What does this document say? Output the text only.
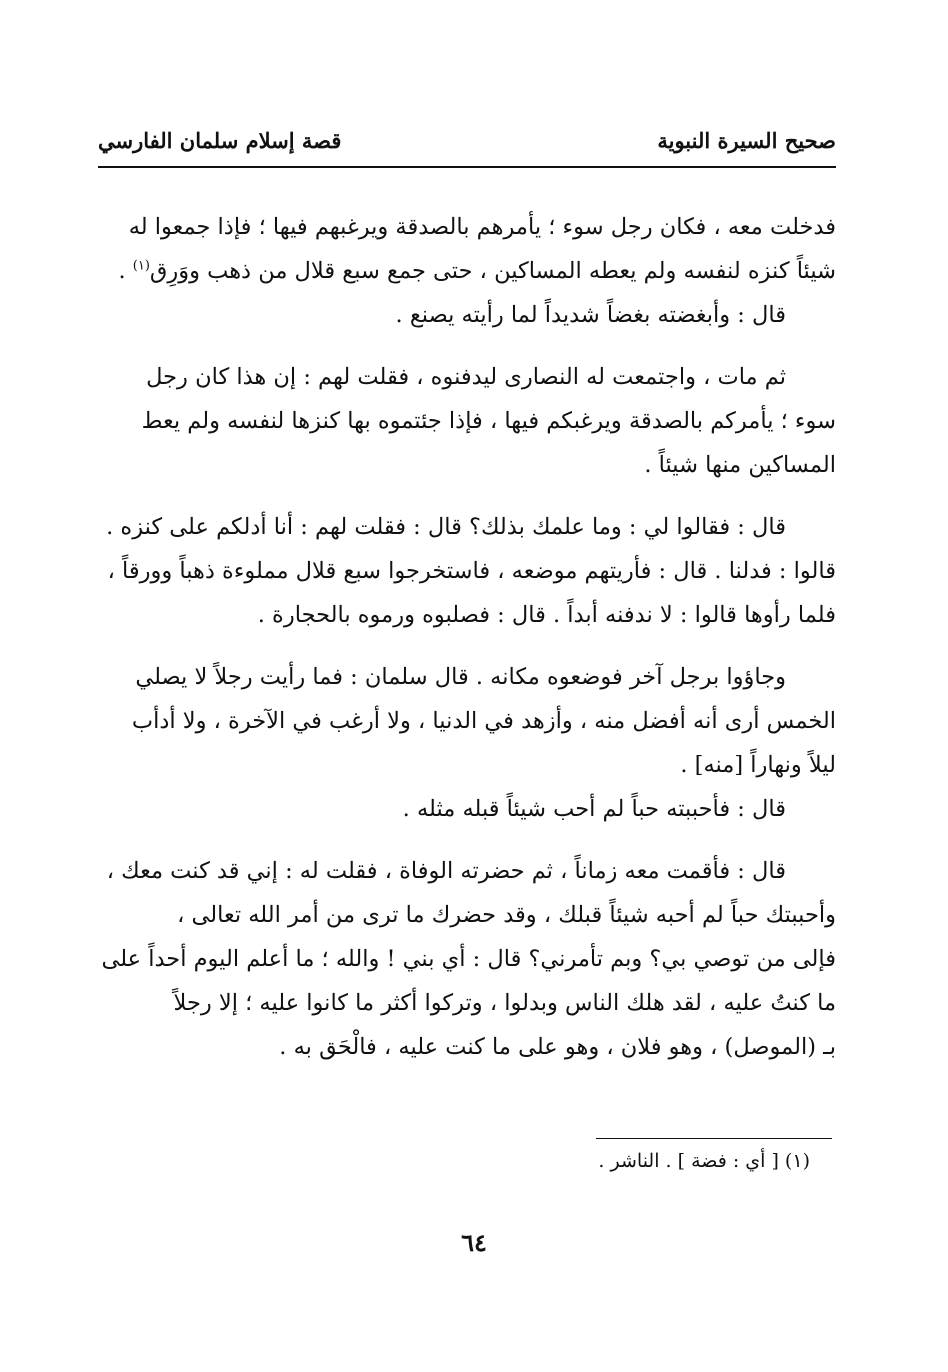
صحيح السيرة النبوية
قصة إسلام سلمان الفارسي
فدخلت معه ، فكان رجل سوء ؛ يأمرهم بالصدقة ويرغبهم فيها ؛ فإذا جمعوا له
شيئاً كنزه لنفسه ولم يعطه المساكين ، حتى جمع سبع قلال من ذهب ووَرِق$^{(١)}$ .
قال : وأبغضته بغضاً شديداً لما رأيته يصنع .
ثم مات ، واجتمعت له النصارى ليدفنوه ، فقلت لهم : إن هذا كان رجل
سوء ؛ يأمركم بالصدقة ويرغبكم فيها ، فإذا جئتموه بها كنزها لنفسه ولم يعط
المساكين منها شيئاً .
قال : فقالوا لي : وما علمك بذلك؟ قال : فقلت لهم : أنا أدلكم على كنزه .
قالوا : فدلنا . قال : فأريتهم موضعه ، فاستخرجوا سبع قلال مملوءة ذهباً وورقاً ،
فلما رأوها قالوا : لا ندفنه أبداً . قال : فصلبوه ورموه بالحجارة .
وجاؤوا برجل آخر فوضعوه مكانه . قال سلمان : فما رأيت رجلاً لا يصلي
الخمس أرى أنه أفضل منه ، وأزهد في الدنيا ، ولا أرغب في الآخرة ، ولا أدأب
ليلاً ونهاراً [منه] .
قال : فأحببته حباً لم أحب شيئاً قبله مثله .
قال : فأقمت معه زماناً ، ثم حضرته الوفاة ، فقلت له : إني قد كنت معك ،
وأحببتك حباً لم أحبه شيئاً قبلك ، وقد حضرك ما ترى من أمر الله تعالى ،
فإلى من توصي بي؟ وبم تأمرني؟ قال : أي بني ! والله ؛ ما أعلم اليوم أحداً على
ما كنتُ عليه ، لقد هلك الناس وبدلوا ، وتركوا أكثر ما كانوا عليه ؛ إلا رجلاً
بـ (الموصل) ، وهو فلان ، وهو على ما كنت عليه ، فالْحَق به .
(١) [ أي : فضة ] . الناشر .
٦٤
